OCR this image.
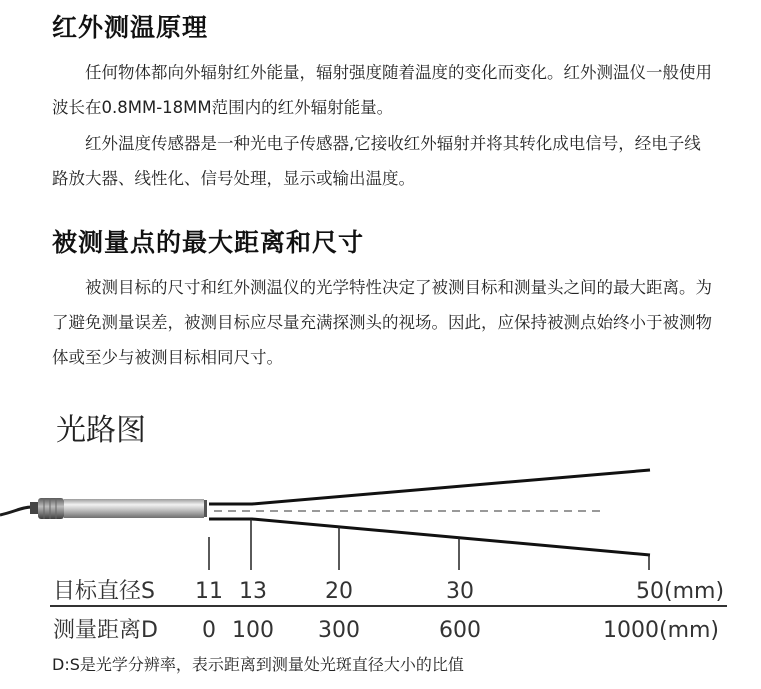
红外测温原理

任何物体都向外辐射红外能量，辐射强度随着温度的变化而变化。红外测温仪一般使用波长在0.8MM-18MM范围内的红外辐射能量。

红外温度传感器是一种光电子传感器,它接收红外辐射并将其转化成电信号，经电子线路放大器、线性化、信号处理，显示或输出温度。

被测量点的最大距离和尺寸

被测目标的尺寸和红外测温仪的光学特性决定了被测目标和测量头之间的最大距离。为了避免测量误差，被测目标应尽量充满探测头的视场。因此，应保持被测点始终小于被测物体或至少与被测目标相同尺寸。

光路图
目标直径S 11 13	20	30	50(mm)
测量距离D 0 100 300	600	1000(mm)

D:S是光学分辨率，表示距离到测量处光斑直径大小的比值
